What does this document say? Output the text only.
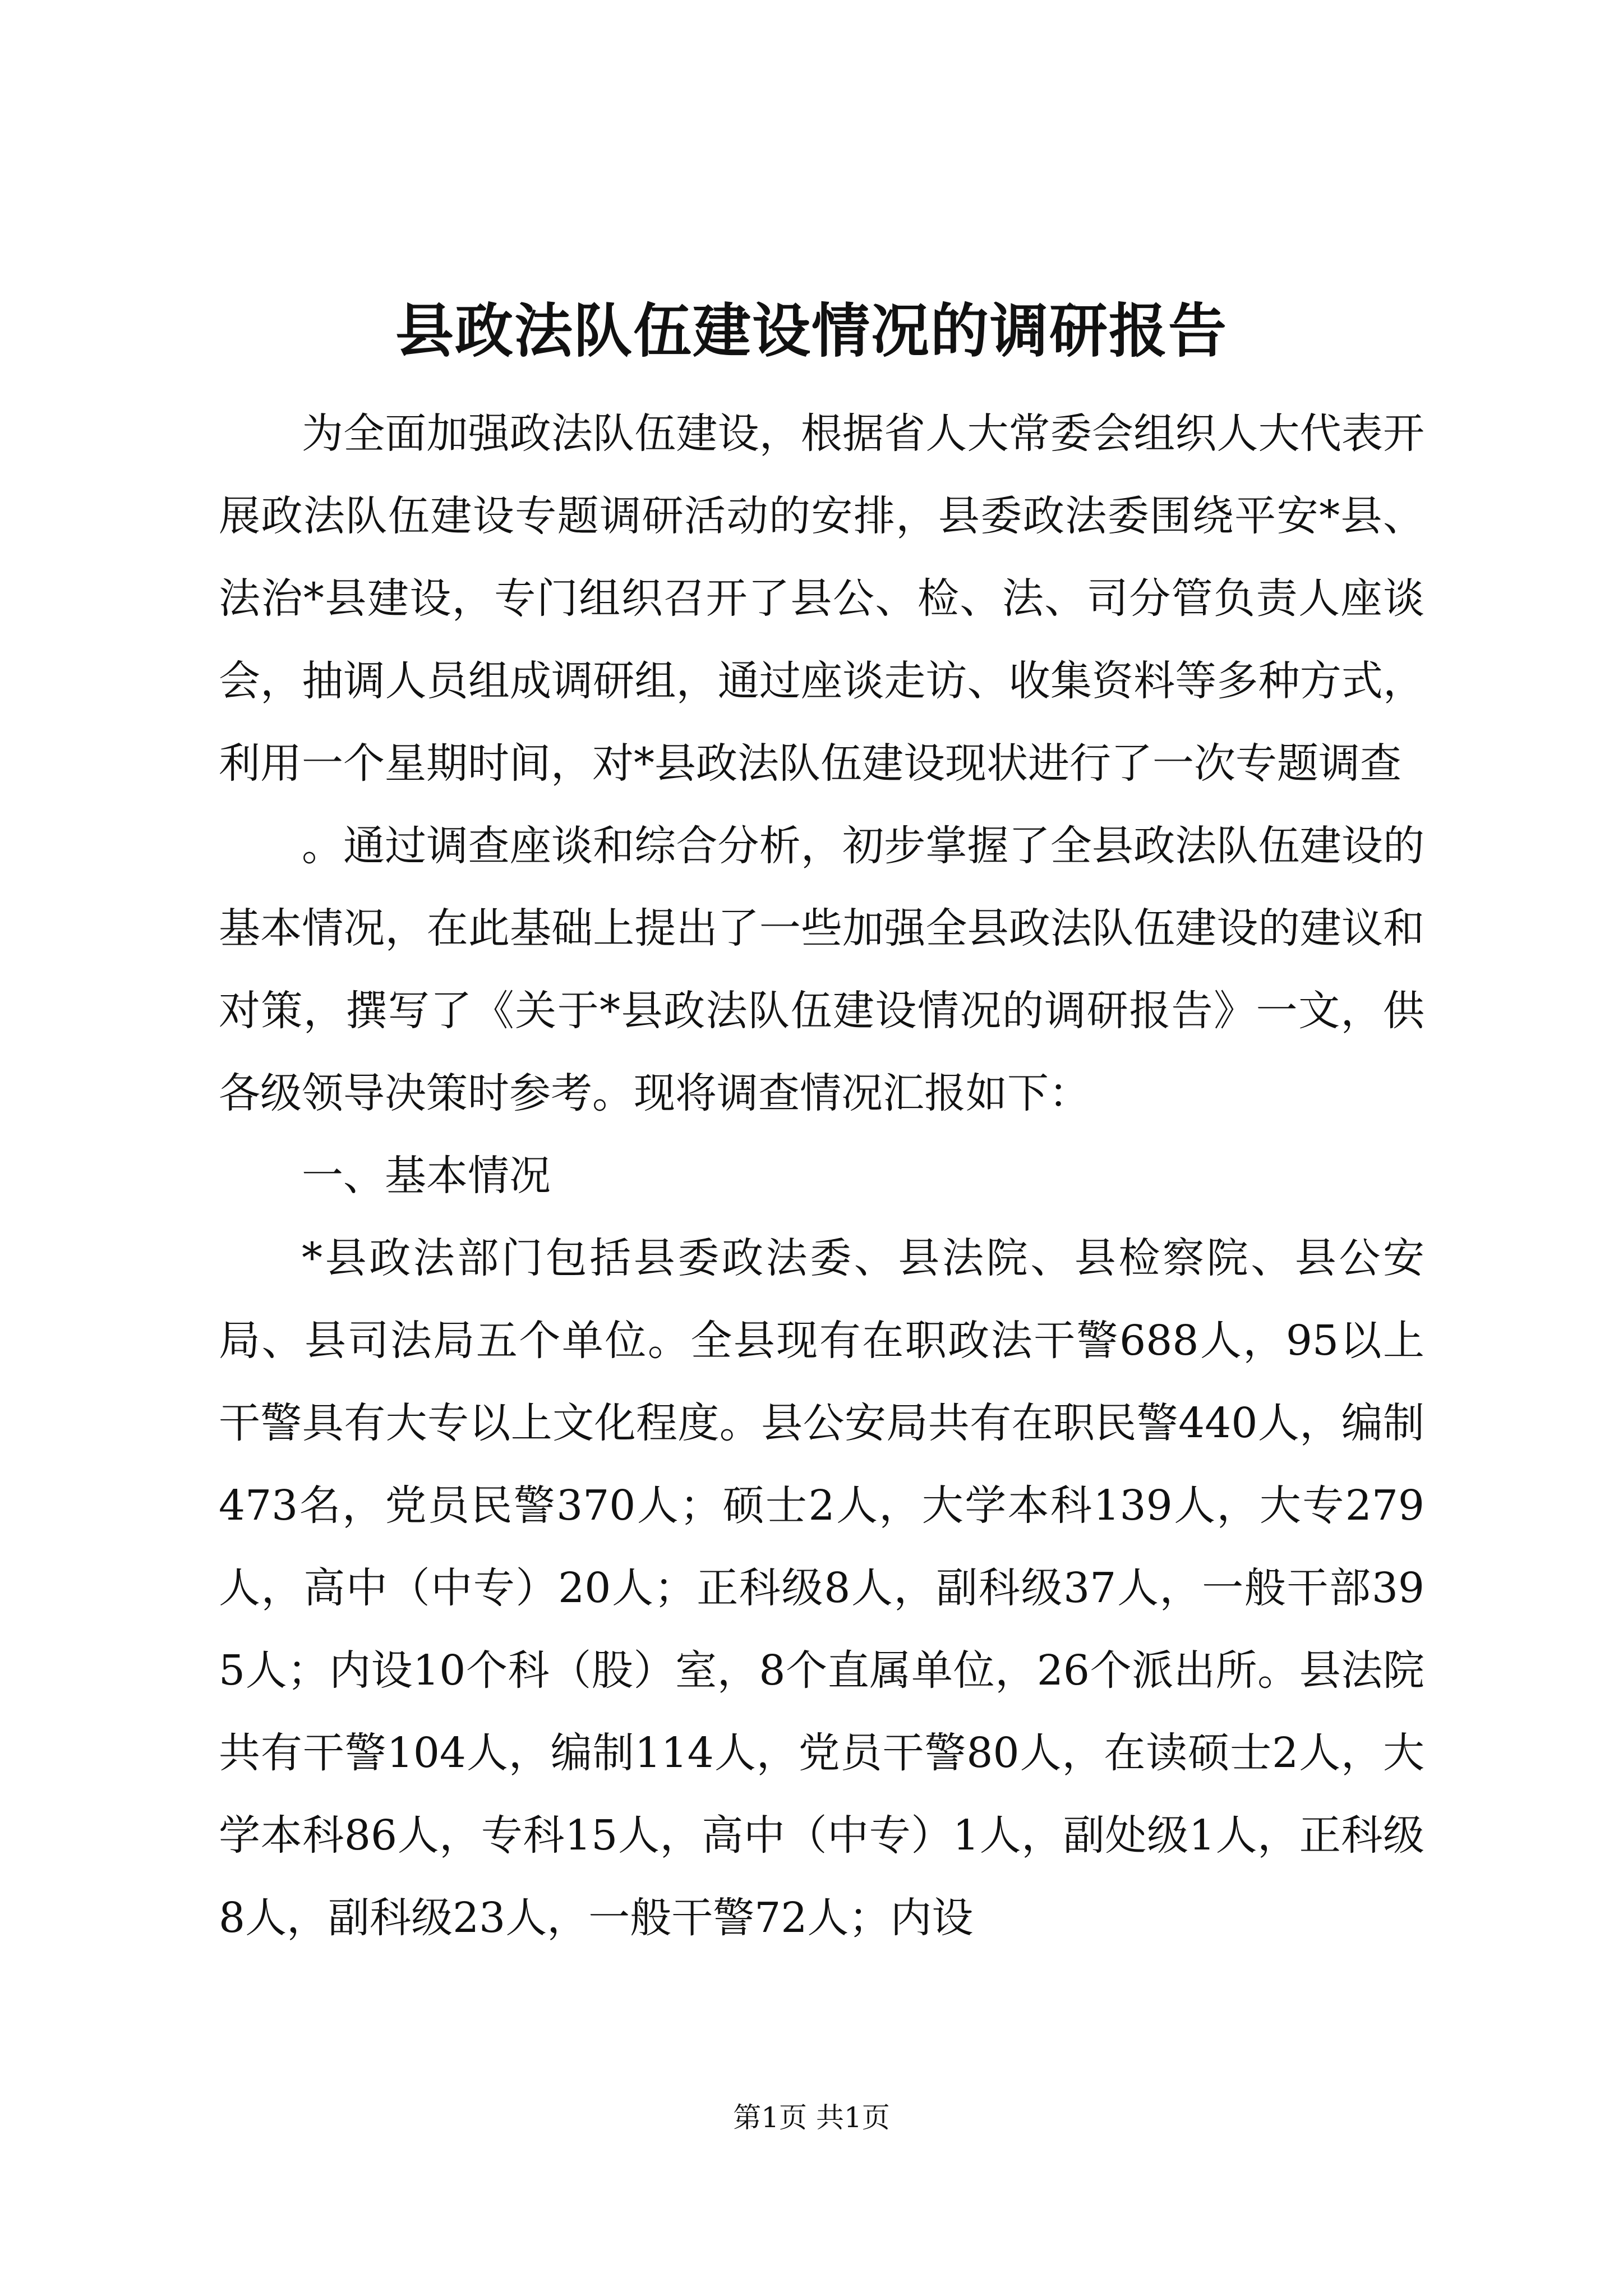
县政法队伍建设情况的调研报告

为全面加强政法队伍建设，根据省人大常委会组织人大代表开展政法队伍建设专题调研活动的安排，县委政法委围绕平安*县、法治*县建设，专门组织召开了县公、检、法、司分管负责人座谈会，抽调人员组成调研组，通过座谈走访、收集资料等多种方式，利用一个星期时间，对*县政法队伍建设现状进行了一次专题调查

。通过调查座谈和综合分析，初步掌握了全县政法队伍建设的基本情况，在此基础上提出了一些加强全县政法队伍建设的建议和对策，撰写了《关于*县政法队伍建设情况的调研报告》一文，供各级领导决策时参考。现将调查情况汇报如下：

一、基本情况

*县政法部门包括县委政法委、县法院、县检察院、县公安局、县司法局五个单位。全县现有在职政法干警688人，95以上干警具有大专以上文化程度。县公安局共有在职民警440人，编制473名，党员民警370人；硕士2人，大学本科139人，大专279人，高中（中专）20人；正科级8人，副科级37人，一般干部395人；内设10个科（股）室，8个直属单位，26个派出所。县法院共有干警104人，编制114人，党员干警80人，在读硕士2人，大学本科86人，专科15人，高中（中专）1人，副处级1人，正科级8人，副科级23人，一般干警72人；内设

第1页 共1页
